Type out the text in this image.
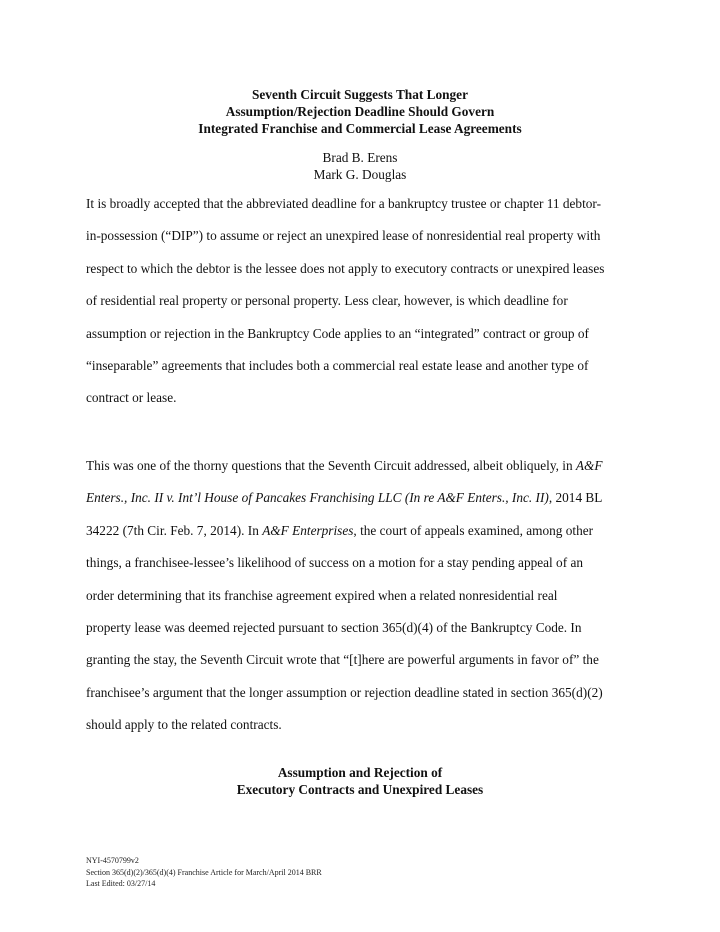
Seventh Circuit Suggests That Longer
Assumption/Rejection Deadline Should Govern
Integrated Franchise and Commercial Lease Agreements
Brad B. Erens
Mark G. Douglas
It is broadly accepted that the abbreviated deadline for a bankruptcy trustee or chapter 11 debtor-
in-possession (“DIP”) to assume or reject an unexpired lease of nonresidential real property with
respect to which the debtor is the lessee does not apply to executory contracts or unexpired leases
of residential real property or personal property. Less clear, however, is which deadline for
assumption or rejection in the Bankruptcy Code applies to an “integrated” contract or group of
“inseparable” agreements that includes both a commercial real estate lease and another type of
contract or lease.
This was one of the thorny questions that the Seventh Circuit addressed, albeit obliquely, in A&F
Enters., Inc. II v. Int’l House of Pancakes Franchising LLC (In re A&F Enters., Inc. II), 2014 BL
34222 (7th Cir. Feb. 7, 2014). In A&F Enterprises, the court of appeals examined, among other
things, a franchisee-lessee’s likelihood of success on a motion for a stay pending appeal of an
order determining that its franchise agreement expired when a related nonresidential real
property lease was deemed rejected pursuant to section 365(d)(4) of the Bankruptcy Code. In
granting the stay, the Seventh Circuit wrote that “[t]here are powerful arguments in favor of” the
franchisee’s argument that the longer assumption or rejection deadline stated in section 365(d)(2)
should apply to the related contracts.
Assumption and Rejection of
Executory Contracts and Unexpired Leases
NYI-4570799v2
Section 365(d)(2)/365(d)(4) Franchise Article for March/April 2014 BRR
Last Edited: 03/27/14
